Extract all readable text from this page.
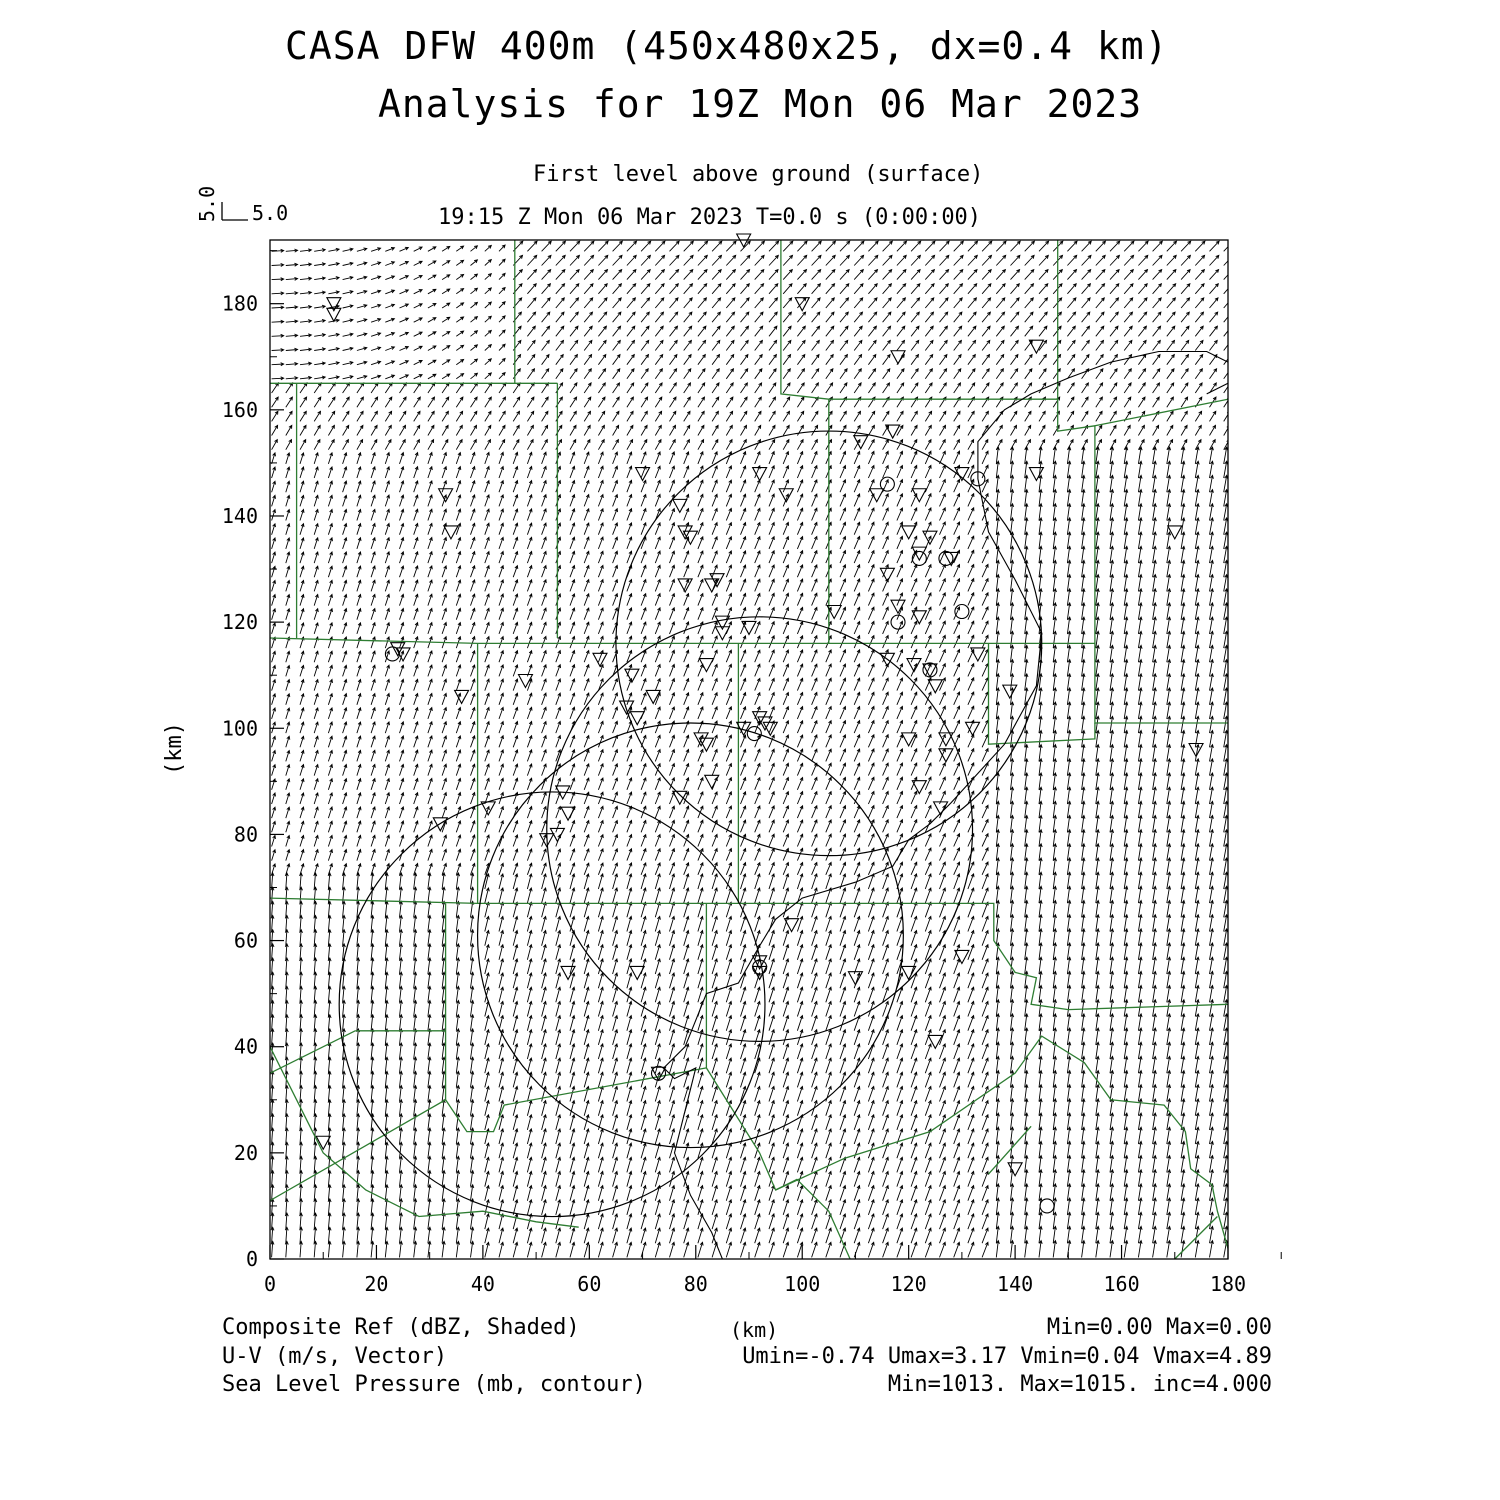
CASA DFW 400m (450x480x25, dx=0.4 km)
Analysis for 19Z Mon 06 Mar 2023
First level above ground (surface)
19:15 Z Mon 06 Mar 2023 T=0.0 s (0:00:00)
5.0 5.0
0	20	40	60	80	100	120	140	160	180
0
20
40
60
80
100
120
140
160
180
(km)
Composite Ref (dBZ, Shaded)	(km)	Min=0.00 Max=0.00
U-V (m/s, Vector)	Umin=-0.74 Umax=3.17 Vmin=0.04 Vmax=4.89
Sea Level Pressure (mb, contour)	Min=1013. Max=1015. inc=4.000
